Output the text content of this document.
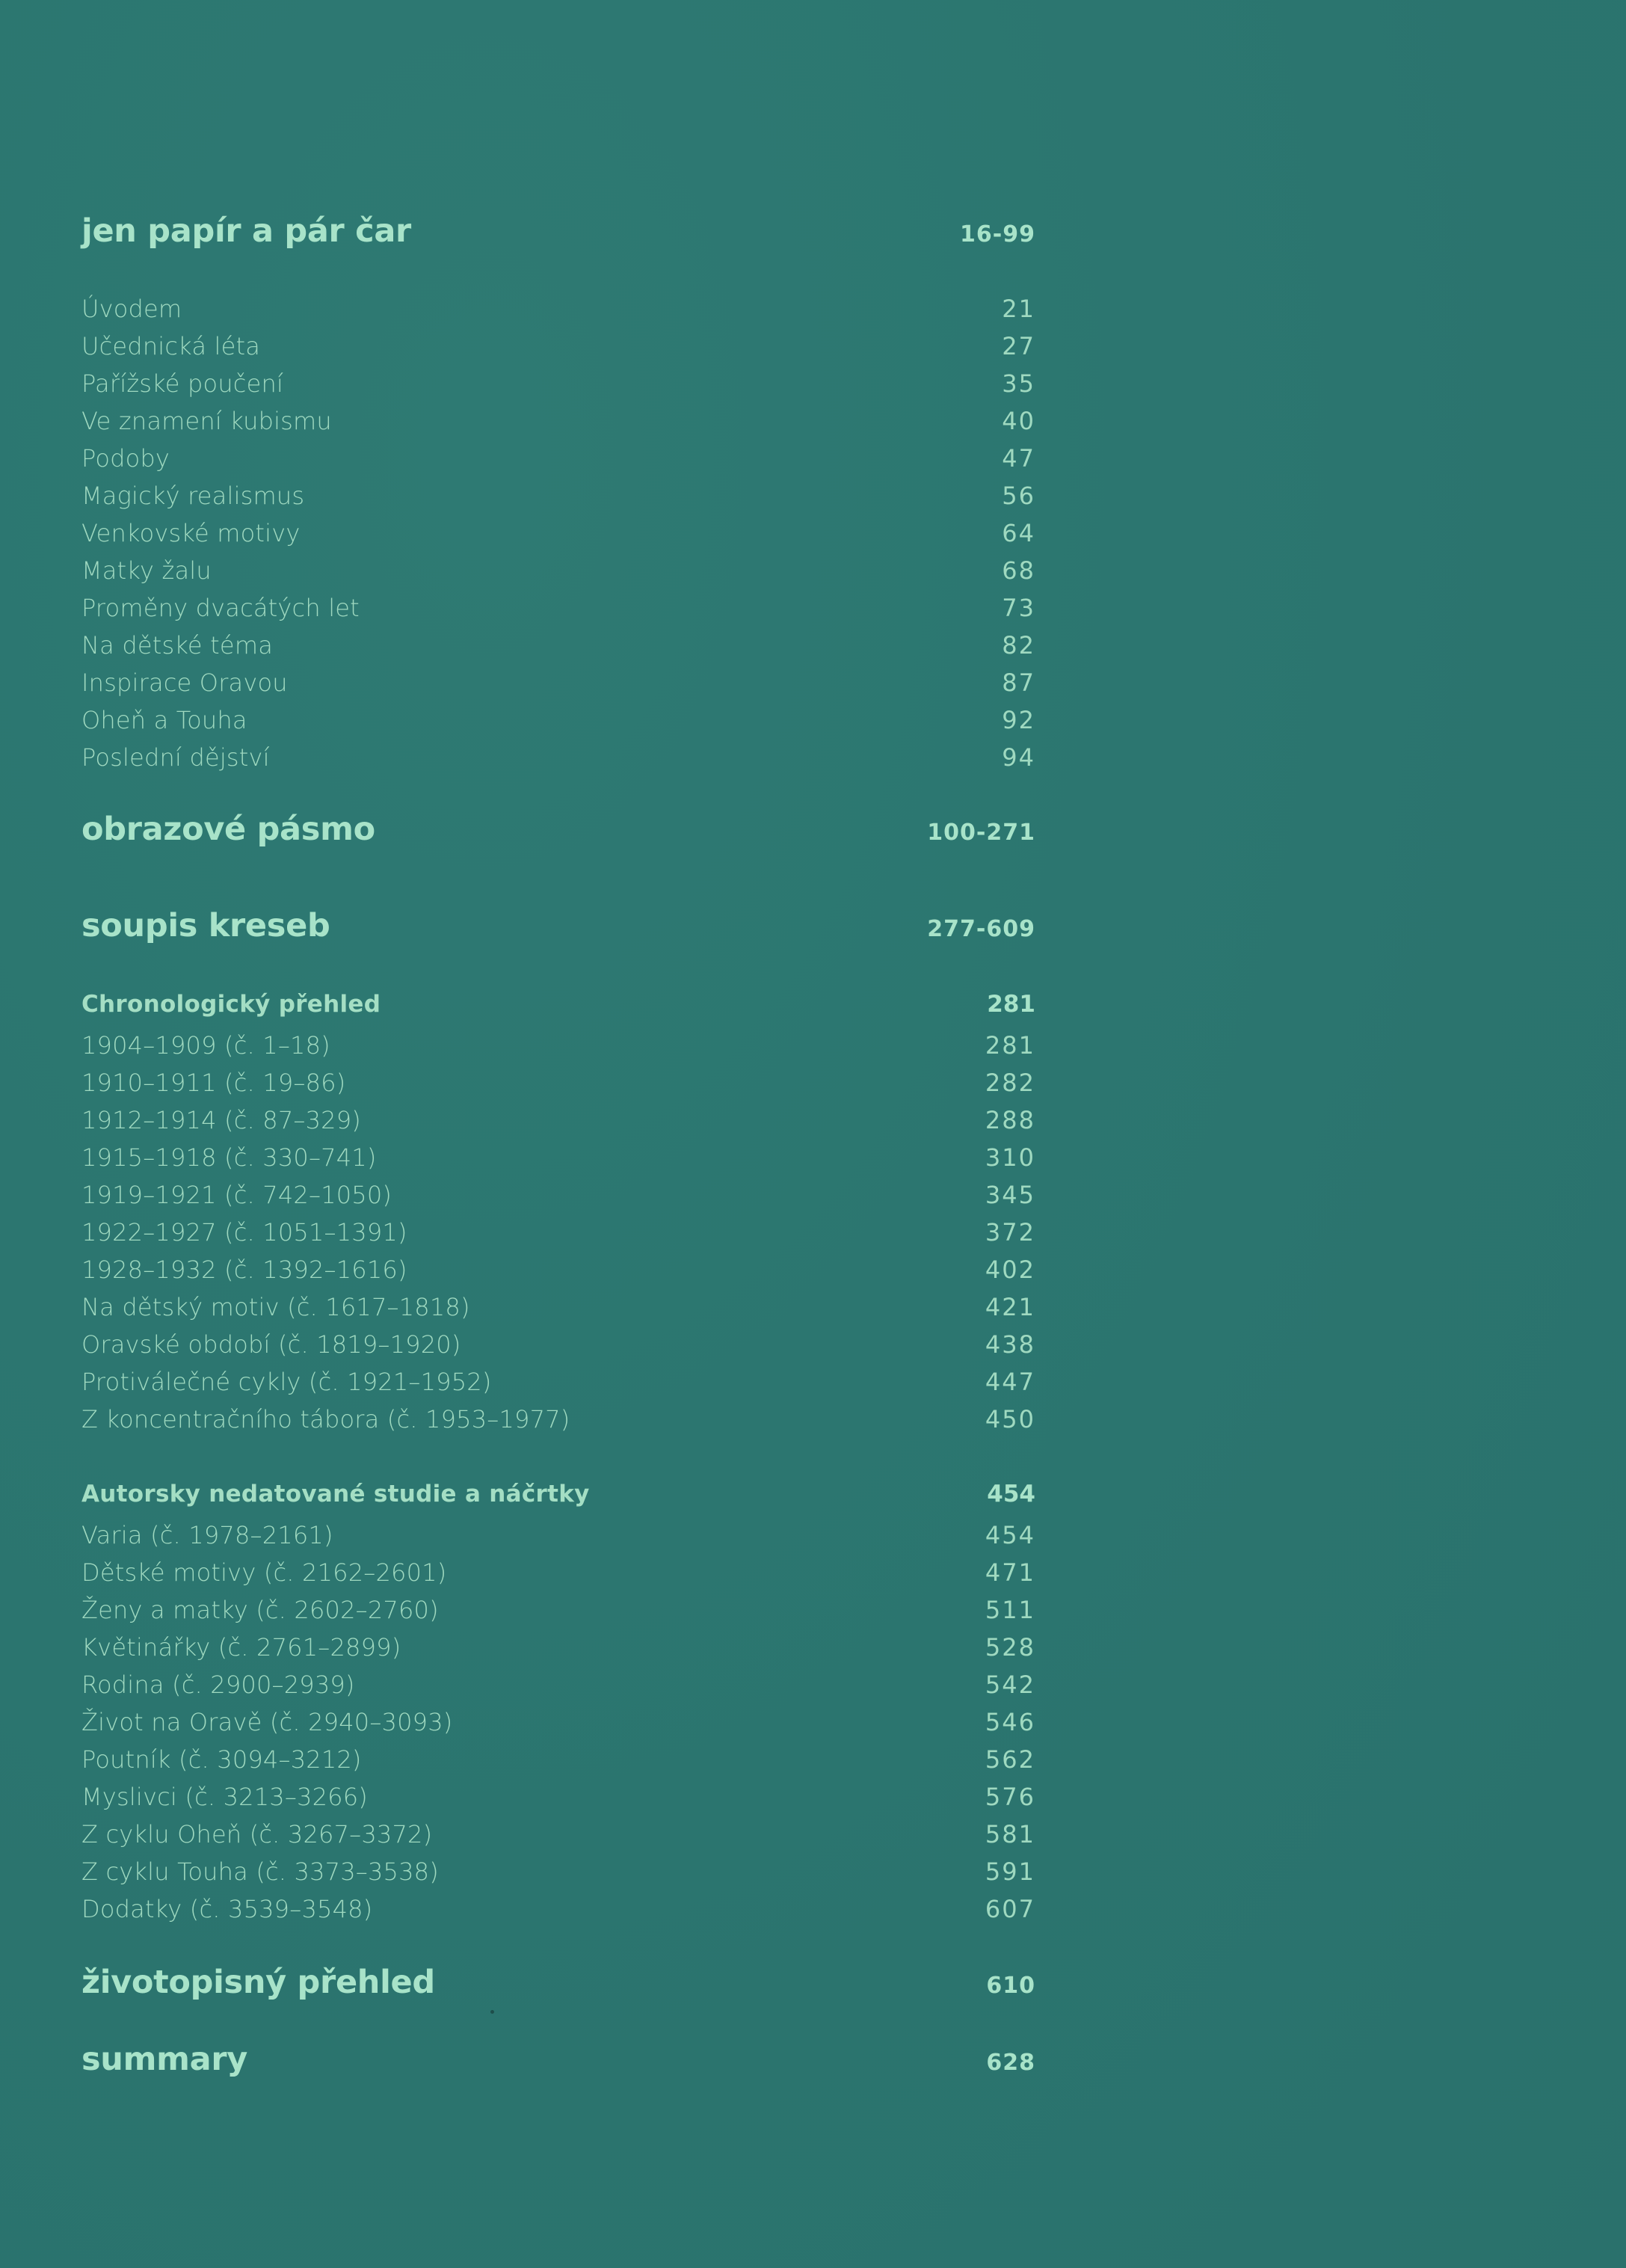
jen papír a pár čar	16-99
Úvodem	21
Učednická léta	27
Pařížské poučení	35
Ve znamení kubismu	40
Podoby	47
Magický realismus	56
Venkovské motivy	64
Matky žalu	68
Proměny dvacátých let	73
Na dětské téma	82
Inspirace Oravou	87
Oheň a Touha	92
Poslední dějství	94
obrazové pásmo	100-271
soupis kreseb	277-609
Chronologický přehled	281
1904–1909 (č. 1–18)	281
1910–1911 (č. 19–86)	282
1912–1914 (č. 87–329)	288
1915–1918 (č. 330–741)	310
1919–1921 (č. 742–1050)	345
1922–1927 (č. 1051–1391)	372
1928–1932 (č. 1392–1616)	402
Na dětský motiv (č. 1617–1818)	421
Oravské období (č. 1819–1920)	438
Protiválečné cykly (č. 1921–1952)	447
Z koncentračního tábora (č. 1953–1977)	450
Autorsky nedatované studie a náčrtky	454
Varia (č. 1978–2161)	454
Dětské motivy (č. 2162–2601)	471
Ženy a matky (č. 2602–2760)	511
Květinářky (č. 2761–2899)	528
Rodina (č. 2900–2939)	542
Život na Oravě (č. 2940–3093)	546
Poutník (č. 3094–3212)	562
Myslivci (č. 3213–3266)	576
Z cyklu Oheň (č. 3267–3372)	581
Z cyklu Touha (č. 3373–3538)	591
Dodatky (č. 3539–3548)	607
životopisný přehled	610
summary	628
